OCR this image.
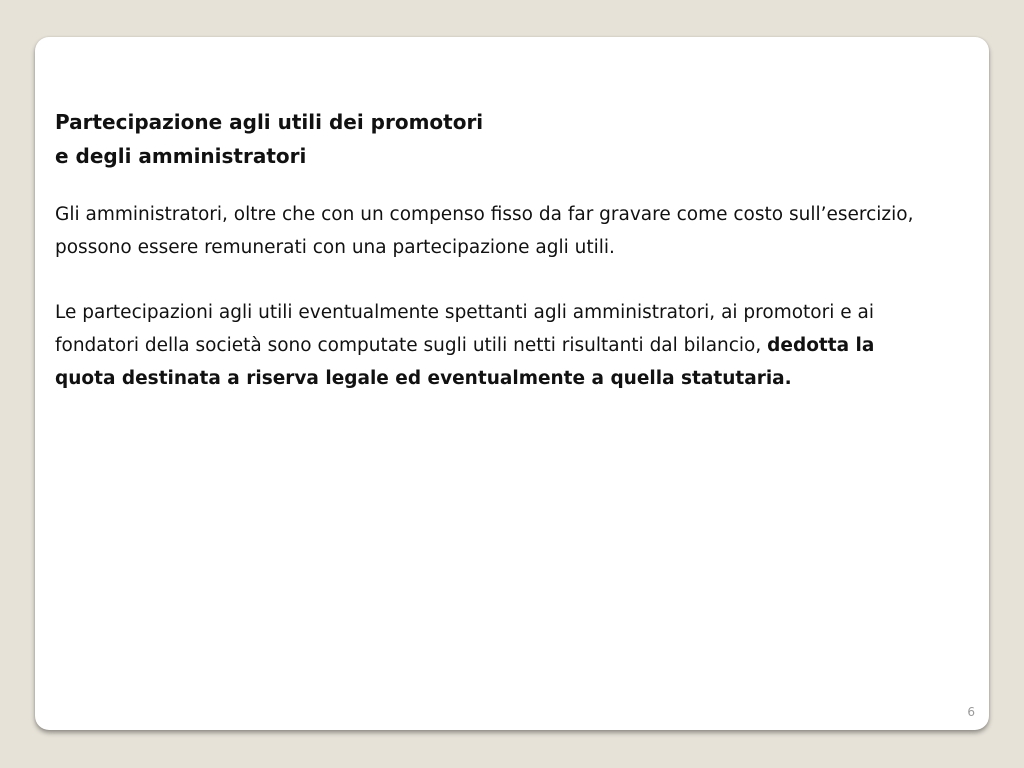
Partecipazione agli utili dei promotori
e degli amministratori

Gli amministratori, oltre che con un compenso fisso da far gravare come costo sull’esercizio, possono essere remunerati con una partecipazione agli utili.

Le partecipazioni agli utili eventualmente spettanti agli amministratori, ai promotori e ai fondatori della società sono computate sugli utili netti risultanti dal bilancio, dedotta la quota destinata a riserva legale ed eventualmente a quella statutaria.

6
